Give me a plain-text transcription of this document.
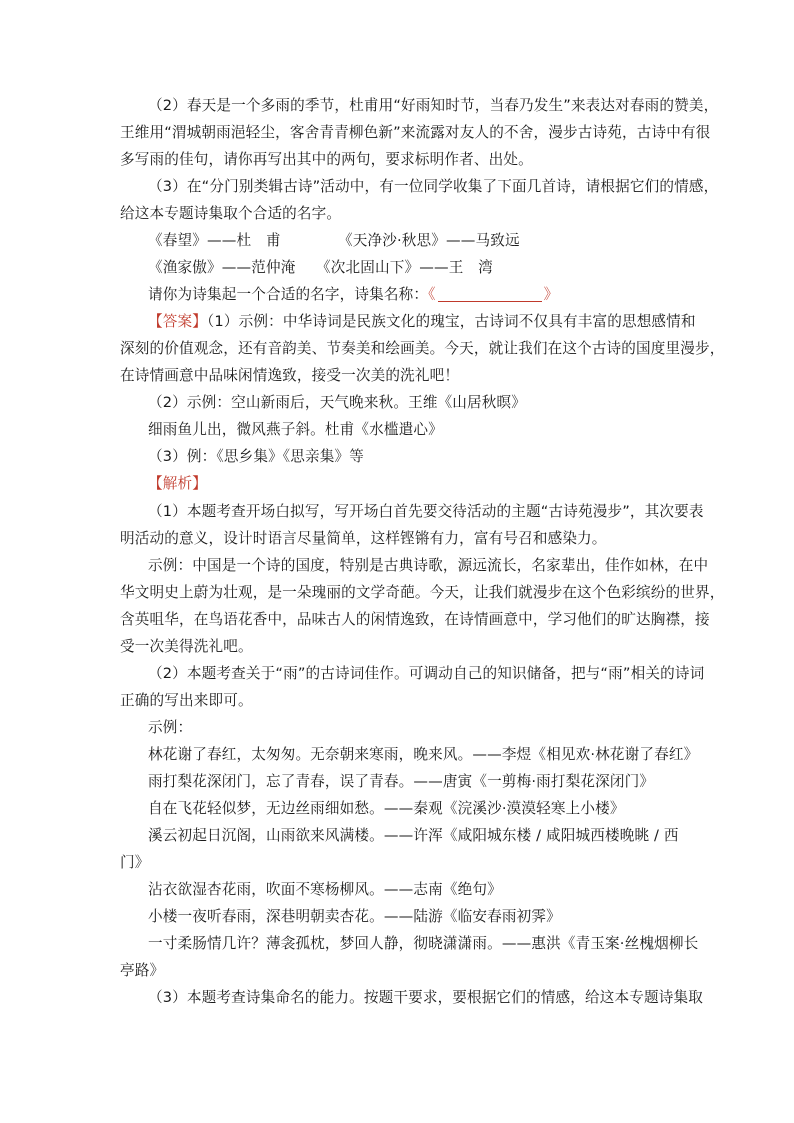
（2）春天是一个多雨的季节，杜甫用“好雨知时节，当春乃发生”来表达对春雨的赞美，
王维用“渭城朝雨浥轻尘，客舍青青柳色新”来流露对友人的不舍，漫步古诗苑，古诗中有很
多写雨的佳句，请你再写出其中的两句，要求标明作者、出处。
（3）在“分门别类辑古诗”活动中，有一位同学收集了下面几首诗，请根据它们的情感，
给这本专题诗集取个合适的名字。
《春望》——杜　甫	《天净沙·秋思》——马致远
《渔家傲》——范仲淹 《次北固山下》——王　湾
请你为诗集起一个合适的名字，诗集名称：《	》
【答案】（1）示例：中华诗词是民族文化的瑰宝，古诗词不仅具有丰富的思想感情和
深刻的价值观念，还有音韵美、节奏美和绘画美。今天，就让我们在这个古诗的国度里漫步，
在诗情画意中品味闲情逸致，接受一次美的洗礼吧！
（2）示例：空山新雨后，天气晚来秋。王维《山居秋暝》
细雨鱼儿出，微风燕子斜。杜甫《水槛遣心》
（3）例：《思乡集》《思亲集》等
【解析】
（1）本题考查开场白拟写，写开场白首先要交待活动的主题“古诗苑漫步”，其次要表
明活动的意义，设计时语言尽量简单，这样铿锵有力，富有号召和感染力。
示例：中国是一个诗的国度，特别是古典诗歌，源远流长，名家辈出，佳作如林，在中
华文明史上蔚为壮观，是一朵瑰丽的文学奇葩。今天，让我们就漫步在这个色彩缤纷的世界，
含英咀华，在鸟语花香中，品味古人的闲情逸致，在诗情画意中，学习他们的旷达胸襟，接
受一次美得洗礼吧。
（2）本题考查关于“雨”的古诗词佳作。可调动自己的知识储备，把与“雨”相关的诗词
正确的写出来即可。
示例：
林花谢了春红，太匆匆。无奈朝来寒雨，晚来风。——李煜《相见欢·林花谢了春红》
雨打梨花深闭门，忘了青春，误了青春。——唐寅《一剪梅·雨打梨花深闭门》
自在飞花轻似梦，无边丝雨细如愁。——秦观《浣溪沙·漠漠轻寒上小楼》
溪云初起日沉阁，山雨欲来风满楼。——许浑《咸阳城东楼 / 咸阳城西楼晚眺 / 西
门》
沾衣欲湿杏花雨，吹面不寒杨柳风。——志南《绝句》
小楼一夜听春雨，深巷明朝卖杏花。——陆游《临安春雨初霁》
一寸柔肠情几许？薄衾孤枕，梦回人静，彻晓潇潇雨。——惠洪《青玉案·丝槐烟柳长
亭路》
（3）本题考查诗集命名的能力。按题干要求，要根据它们的情感，给这本专题诗集取
